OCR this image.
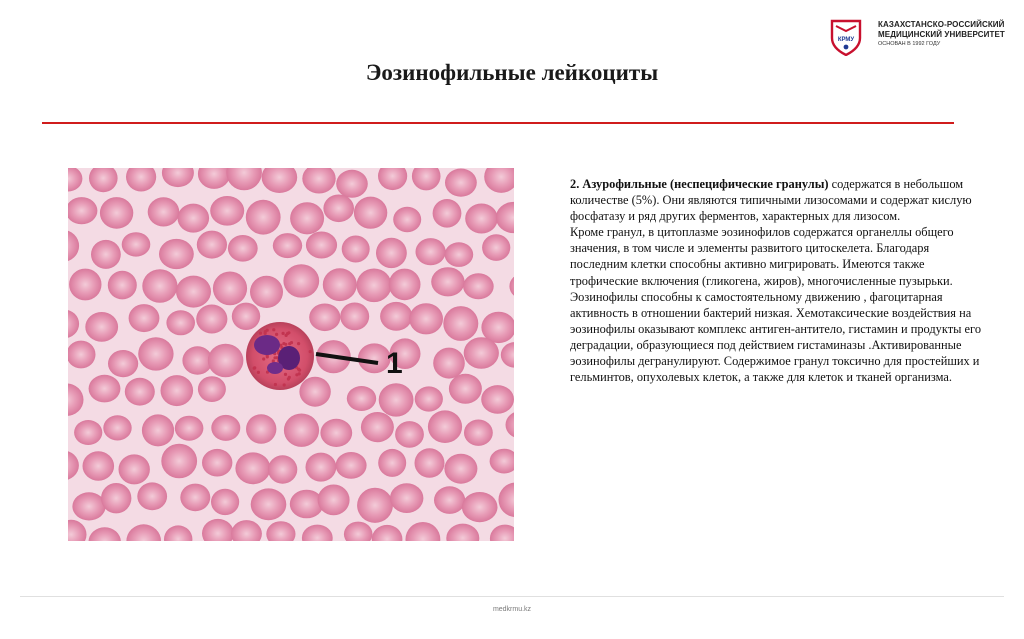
КРМУ
КАЗАХСТАНСКО-РОССИЙСКИЙ
МЕДИЦИНСКИЙ УНИВЕРСИТЕТ
ОСНОВАН В 1992 ГОДУ
Эозинофильные лейкоциты
1

2. Азурофильные (неспецифические гранулы) содержатся в небольшом количестве (5%). Они являются типичными лизосомами и содержат кислую фосфатазу и ряд других ферментов, характерных для лизосом.

Кроме гранул, в цитоплазме эозинофилов содержатся органеллы общего значения, в том числе и элементы развитого цитоскелета. Благодаря последним клетки способны активно мигрировать. Имеются также трофические включения (гликогена, жиров), многочисленные пузырьки. Эозинофилы способны к самостоятельному движению , фагоцитарная активность в отношении бактерий низкая. Хемотаксические воздействия на эозинофилы оказывают комплекс антиген-антитело, гистамин и продукты его деградации, образующиеся под действием гистаминазы .Активированные эозинофилы дегранулируют. Содержимое гранул токсично для простейших и гельминтов, опухолевых клеток, а также для клеток и тканей организма.

medkrmu.kz
